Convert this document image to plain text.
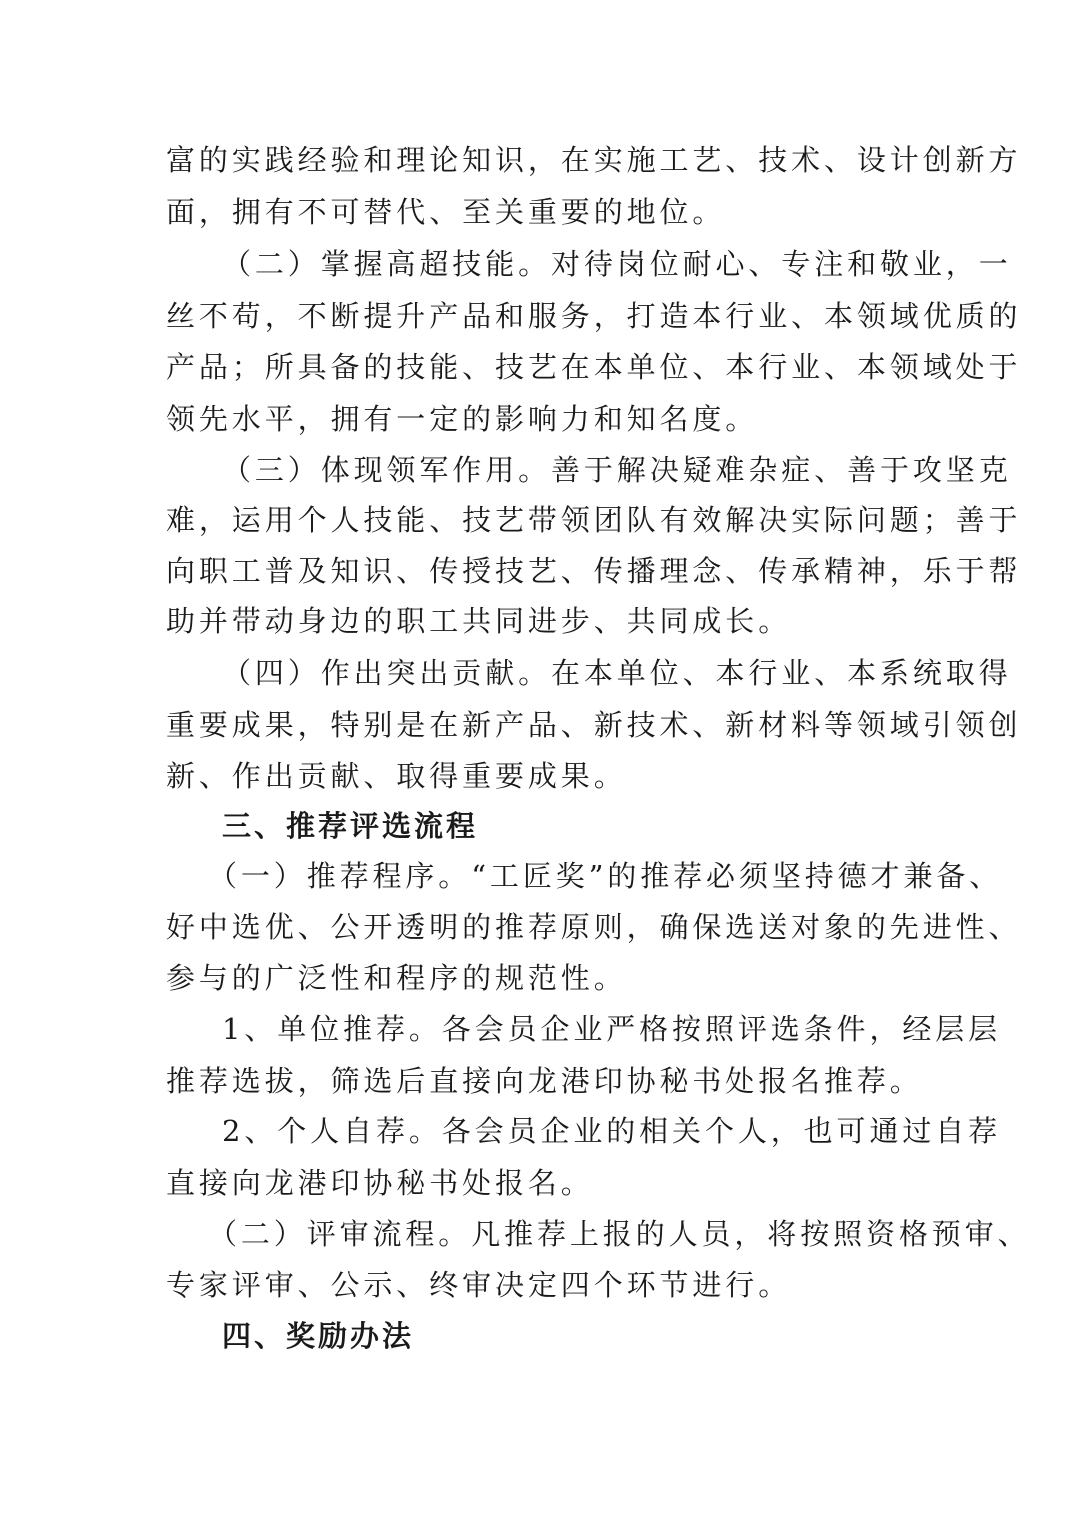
富的实践经验和理论知识，在实施工艺、技术、设计创新方
面，拥有不可替代、至关重要的地位。
（二）掌握高超技能。对待岗位耐心、专注和敬业，一
丝不苟，不断提升产品和服务，打造本行业、本领域优质的
产品；所具备的技能、技艺在本单位、本行业、本领域处于
领先水平，拥有一定的影响力和知名度。
（三）体现领军作用。善于解决疑难杂症、善于攻坚克
难，运用个人技能、技艺带领团队有效解决实际问题；善于
向职工普及知识、传授技艺、传播理念、传承精神，乐于帮
助并带动身边的职工共同进步、共同成长。
（四）作出突出贡献。在本单位、本行业、本系统取得
重要成果，特别是在新产品、新技术、新材料等领域引领创
新、作出贡献、取得重要成果。
三、推荐评选流程
（一）推荐程序。“工匠奖”的推荐必须坚持德才兼备、
好中选优、公开透明的推荐原则，确保选送对象的先进性、
参与的广泛性和程序的规范性。
1、单位推荐。各会员企业严格按照评选条件，经层层
推荐选拔，筛选后直接向龙港印协秘书处报名推荐。
2、个人自荐。各会员企业的相关个人，也可通过自荐
直接向龙港印协秘书处报名。
（二）评审流程。凡推荐上报的人员，将按照资格预审、
专家评审、公示、终审决定四个环节进行。
四、奖励办法
